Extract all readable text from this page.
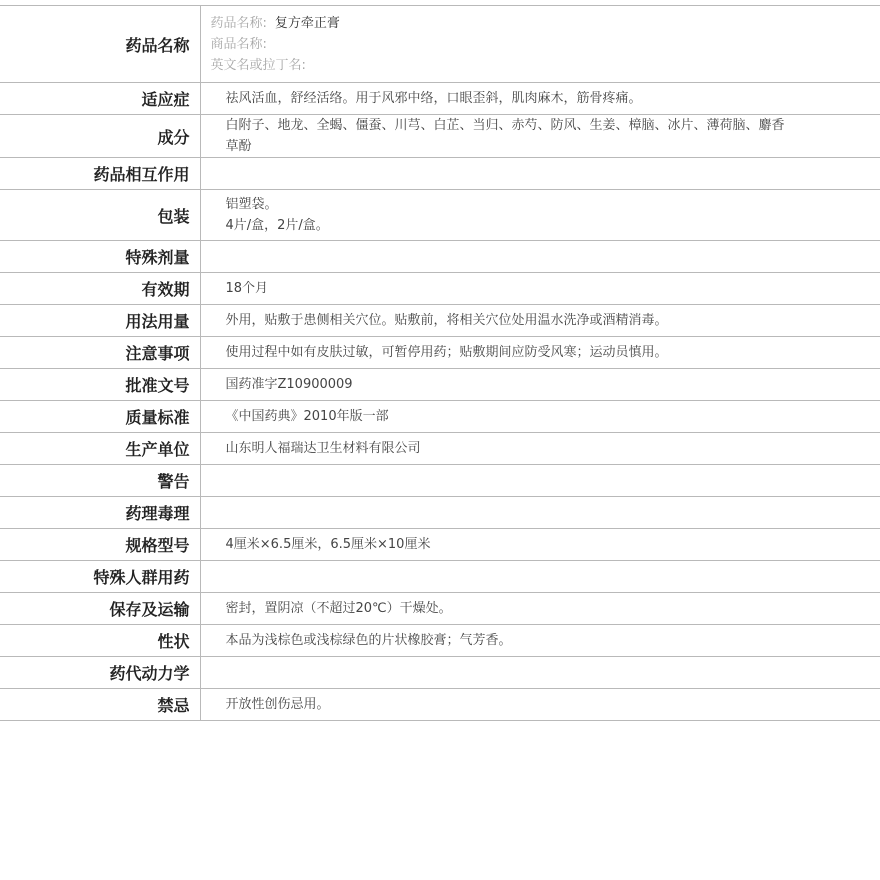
药品名称	药品名称: 复方牵正膏
商品名称:
英文名或拉丁名:

适应症	祛风活血，舒经活络。用于风邪中络，口眼歪斜，肌肉麻木，筋骨疼痛。

成分	白附子、地龙、全蝎、僵蚕、川芎、白芷、当归、赤芍、防风、生姜、樟脑、冰片、薄荷脑、麝香草酚

药品相互作用	
包装	铝塑袋。
4片/盒，2片/盒。

特殊剂量	
有效期	18个月

用法用量	外用，贴敷于患侧相关穴位。贴敷前，将相关穴位处用温水洗净或酒精消毒。

注意事项	使用过程中如有皮肤过敏，可暂停用药；贴敷期间应防受风寒；运动员慎用。

批准文号	国药准字Z10900009

质量标准	《中国药典》2010年版一部

生产单位	山东明人福瑞达卫生材料有限公司

警告	
药理毒理	
规格型号	4厘米×6.5厘米，6.5厘米×10厘米

特殊人群用药	
保存及运输	密封，置阴凉（不超过20℃）干燥处。

性状	本品为浅棕色或浅棕绿色的片状橡胶膏；气芳香。

药代动力学	
禁忌	开放性创伤忌用。
